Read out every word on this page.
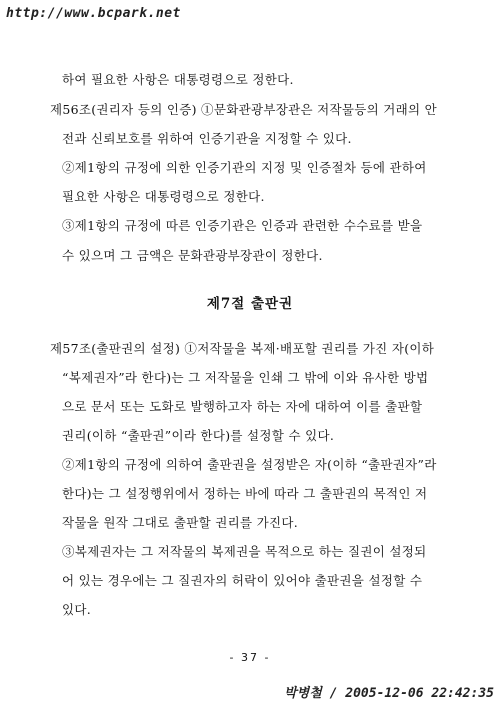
http://www.bcpark.net
하여 필요한 사항은 대통령령으로 정한다.
제56조(권리자 등의 인증) ①문화관광부장관은 저작물등의 거래의 안
전과 신뢰보호를 위하여 인증기관을 지정할 수 있다.
②제1항의 규정에 의한 인증기관의 지정 및 인증절차 등에 관하여
필요한 사항은 대통령령으로 정한다.
③제1항의 규정에 따른 인증기관은 인증과 관련한 수수료를 받을
수 있으며 그 금액은 문화관광부장관이 정한다.
제7절 출판권
제57조(출판권의 설정) ①저작물을 복제·배포할 권리를 가진 자(이하
“복제권자”라 한다)는 그 저작물을 인쇄 그 밖에 이와 유사한 방법
으로 문서 또는 도화로 발행하고자 하는 자에 대하여 이를 출판할
권리(이하 “출판권”이라 한다)를 설정할 수 있다.
②제1항의 규정에 의하여 출판권을 설정받은 자(이하 “출판권자”라
한다)는 그 설정행위에서 정하는 바에 따라 그 출판권의 목적인 저
작물을 원작 그대로 출판할 권리를 가진다.
③복제권자는 그 저작물의 복제권을 목적으로 하는 질권이 설정되
어 있는 경우에는 그 질권자의 허락이 있어야 출판권을 설정할 수
있다.
- 37 -
박병철 / 2005-12-06 22:42:35
